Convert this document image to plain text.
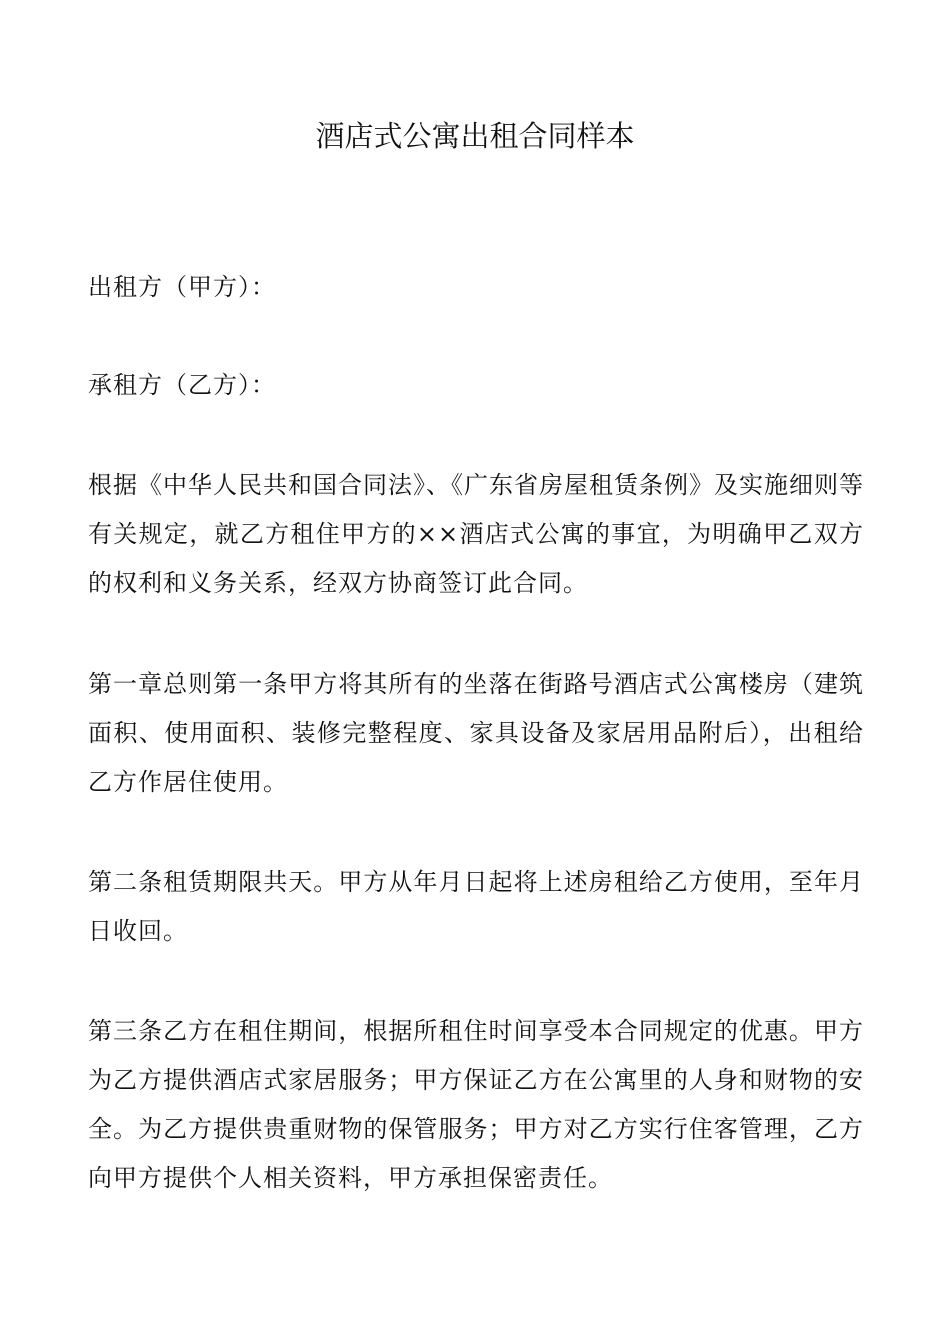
酒店式公寓出租合同样本

出租方（甲方）：

承租方（乙方）：

根据《中华人民共和国合同法》、《广东省房屋租赁条例》及实施细则等有关规定，就乙方租住甲方的××酒店式公寓的事宜，为明确甲乙双方的权利和义务关系，经双方协商签订此合同。

第一章总则第一条甲方将其所有的坐落在街路号酒店式公寓楼房（建筑面积、使用面积、装修完整程度、家具设备及家居用品附后），出租给乙方作居住使用。

第二条租赁期限共天。甲方从年月日起将上述房租给乙方使用，至年月日收回。

第三条乙方在租住期间，根据所租住时间享受本合同规定的优惠。甲方为乙方提供酒店式家居服务；甲方保证乙方在公寓里的人身和财物的安全。为乙方提供贵重财物的保管服务；甲方对乙方实行住客管理，乙方向甲方提供个人相关资料，甲方承担保密责任。
